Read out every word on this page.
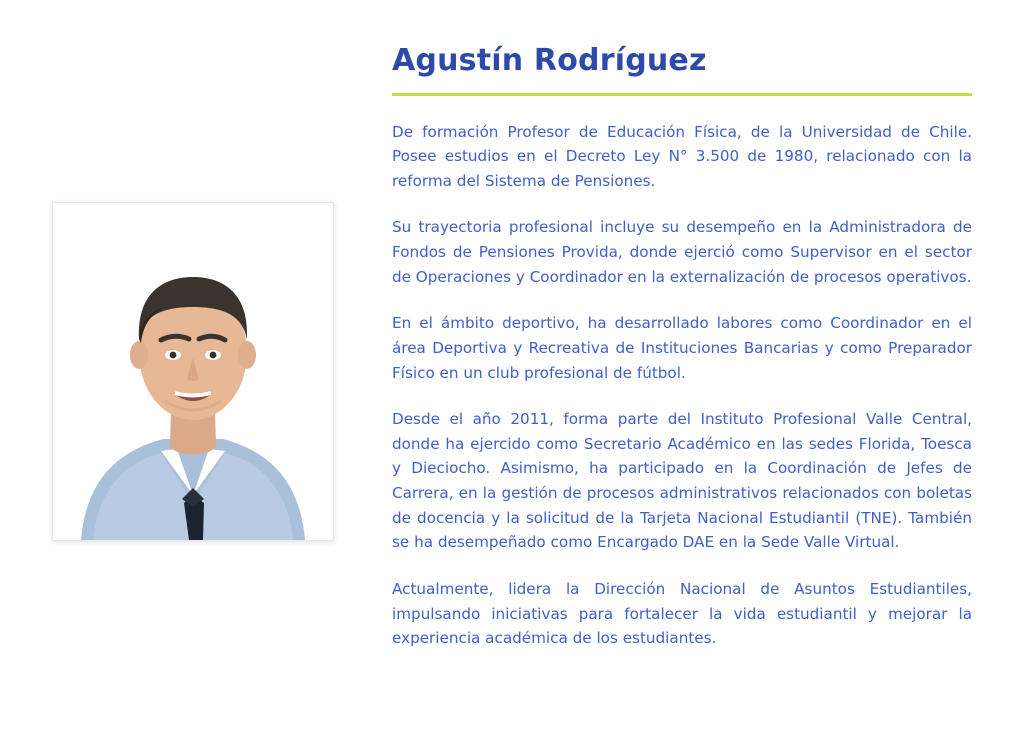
Agustín Rodríguez

De formación Profesor de Educación Física, de la Universidad de Chile. Posee estudios en el Decreto Ley N° 3.500 de 1980, relacionado con la reforma del Sistema de Pensiones.

Su trayectoria profesional incluye su desempeño en la Administradora de Fondos de Pensiones Provida, donde ejerció como Supervisor en el sector de Operaciones y Coordinador en la externalización de procesos operativos.

En el ámbito deportivo, ha desarrollado labores como Coordinador en el área Deportiva y Recreativa de Instituciones Bancarias y como Preparador Físico en un club profesional de fútbol.

Desde el año 2011, forma parte del Instituto Profesional Valle Central, donde ha ejercido como Secretario Académico en las sedes Florida, Toesca y Dieciocho. Asimismo, ha participado en la Coordinación de Jefes de Carrera, en la gestión de procesos administrativos relacionados con boletas de docencia y la solicitud de la Tarjeta Nacional Estudiantil (TNE). También se ha desempeñado como Encargado DAE en la Sede Valle Virtual.

Actualmente, lidera la Dirección Nacional de Asuntos Estudiantiles, impulsando iniciativas para fortalecer la vida estudiantil y mejorar la experiencia académica de los estudiantes.
